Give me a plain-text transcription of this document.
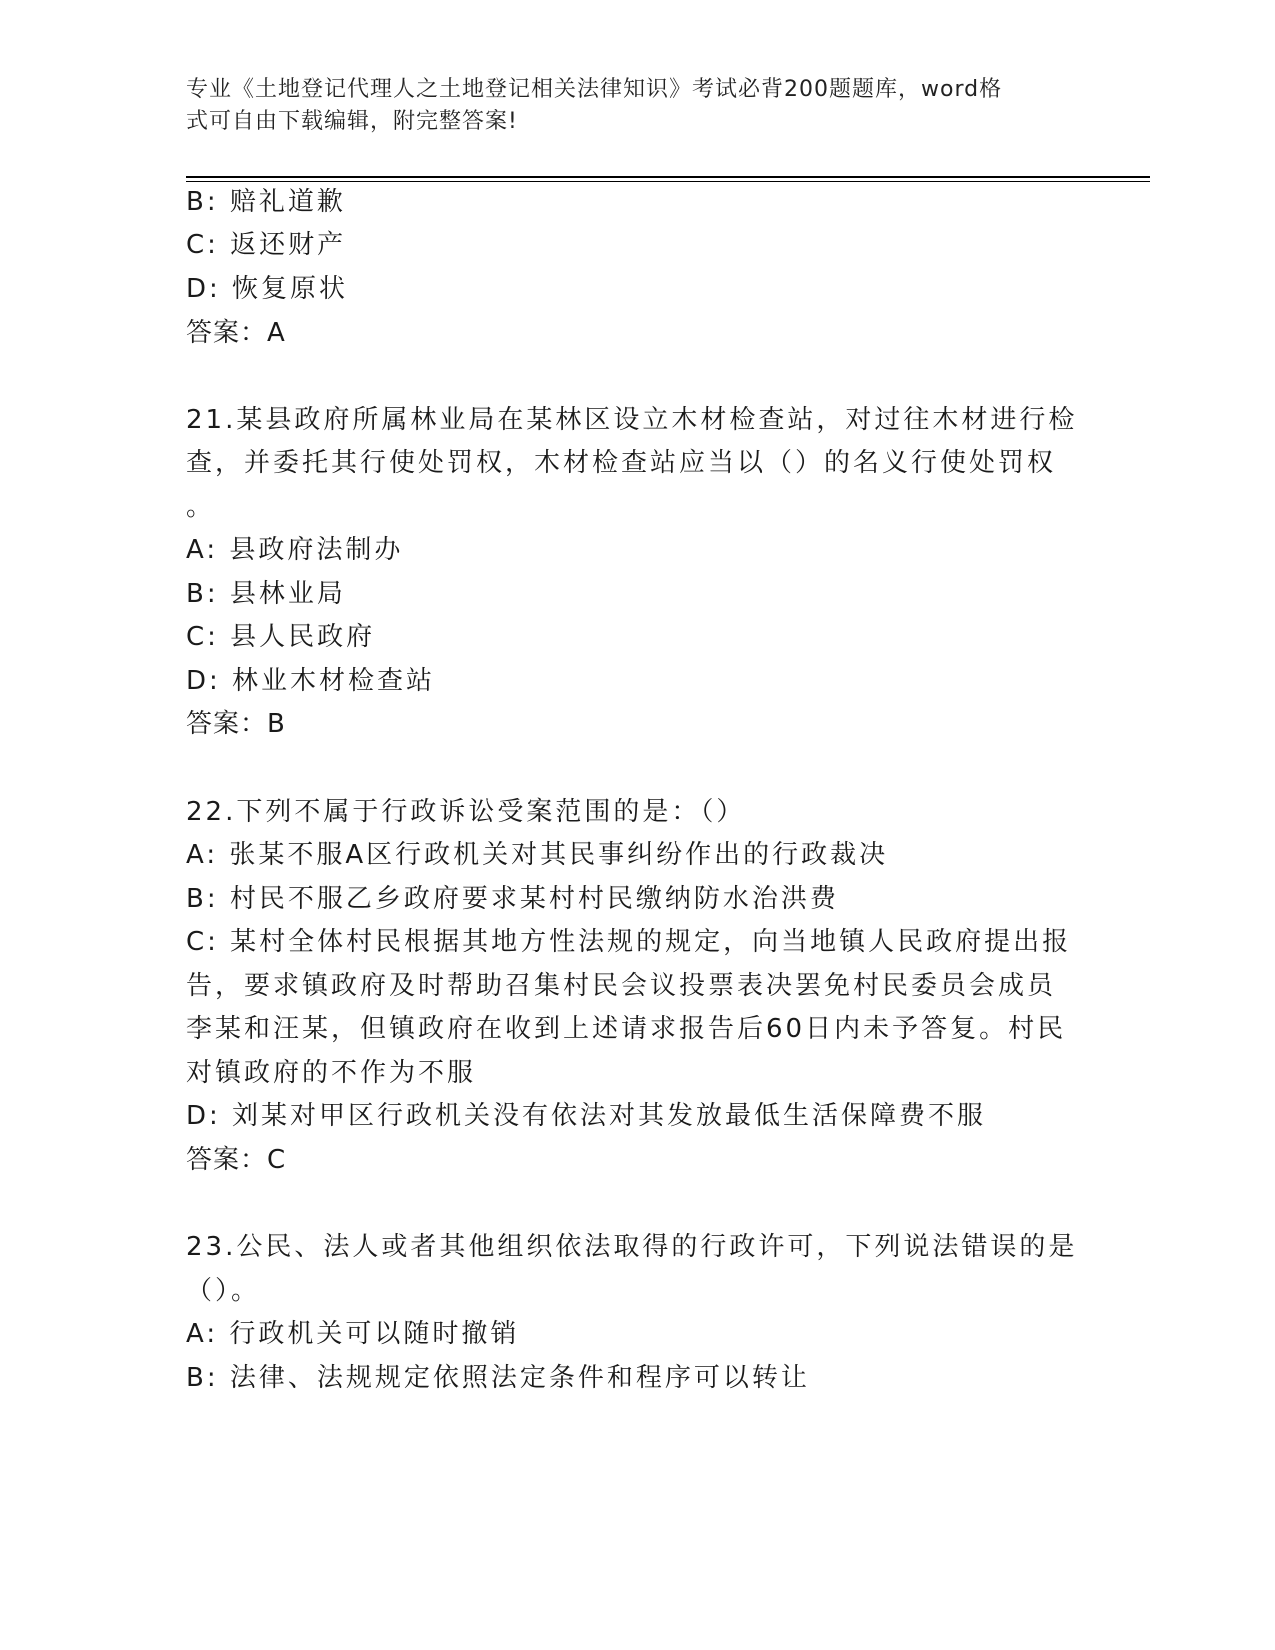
专业《土地登记代理人之土地登记相关法律知识》考试必背200题题库，word格
式可自由下载编辑，附完整答案!
B: 赔礼道歉
C: 返还财产
D: 恢复原状
答案：A
21.某县政府所属林业局在某林区设立木材检查站，对过往木材进行检
查，并委托其行使处罚权，木材检查站应当以（）的名义行使处罚权
。
A: 县政府法制办
B: 县林业局
C: 县人民政府
D: 林业木材检查站
答案：B
22.下列不属于行政诉讼受案范围的是：（）
A: 张某不服A区行政机关对其民事纠纷作出的行政裁决
B: 村民不服乙乡政府要求某村村民缴纳防水治洪费
C: 某村全体村民根据其地方性法规的规定，向当地镇人民政府提出报
告，要求镇政府及时帮助召集村民会议投票表决罢免村民委员会成员
李某和汪某，但镇政府在收到上述请求报告后60日内未予答复。村民
对镇政府的不作为不服
D: 刘某对甲区行政机关没有依法对其发放最低生活保障费不服
答案：C
23.公民、法人或者其他组织依法取得的行政许可，下列说法错误的是
（）。
A: 行政机关可以随时撤销
B: 法律、法规规定依照法定条件和程序可以转让
